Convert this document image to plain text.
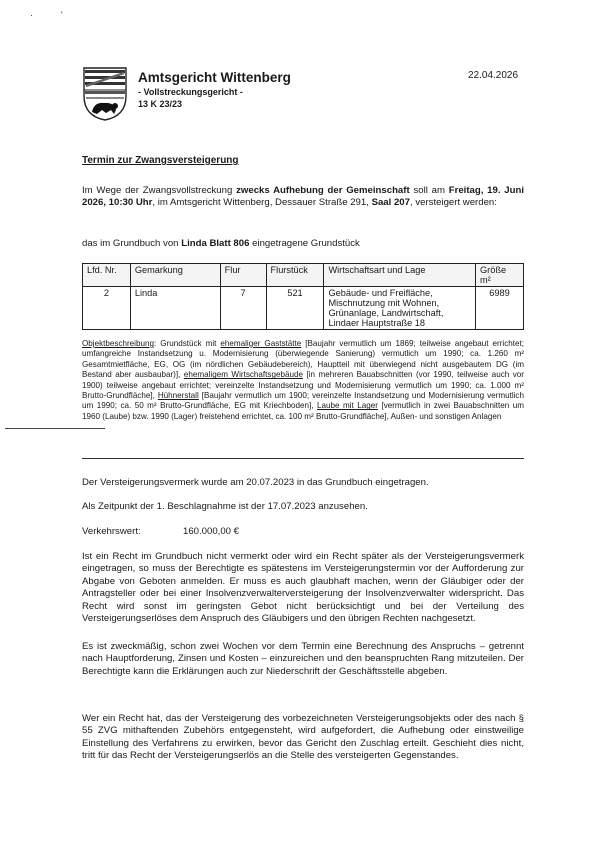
·'
Amtsgericht Wittenberg
- Vollstreckungsgericht -
13 K 23/23
22.04.2026
Termin zur Zwangsversteigerung
Im Wege der Zwangsvollstreckung zwecks Aufhebung der Gemeinschaft soll am Freitag, 19. Juni 2026, 10:30 Uhr, im Amtsgericht Wittenberg, Dessauer Straße 291, Saal 207, versteigert werden:
das im Grundbuch von Linda Blatt 806 eingetragene Grundstück
Lfd. Nr.	Gemarkung	Flur	Flurstück	Wirtschaftsart und Lage	Größe m²
2	Linda	7	521	Gebäude- und Freifläche, Mischnutzung mit Wohnen, Grünanlage, Landwirtschaft, Lindaer Hauptstraße 18	6989
Objektbeschreibung: Grundstück mit ehemaliger Gaststätte [Baujahr vermutlich um 1869; teilweise angebaut errichtet; umfangreiche Instandsetzung u. Modernisierung (überwiegende Sanierung) vermutlich um 1990; ca. 1.260 m² Gesamtmietfläche, EG, OG (im nördlichen Gebäudebereich), Hauptteil mit überwiegend nicht ausgebautem DG (im Bestand aber ausbaubar)], ehemaligem Wirtschaftsgebäude [in mehreren Bauabschnitten (vor 1990, teilweise auch vor 1900) teilweise angebaut errichtet; vereinzelte Instandsetzung und Modernisierung vermutlich um 1990; ca. 1.000 m² Brutto-Grundfläche], Hühnerstall [Baujahr vermutlich um 1900; vereinzelte Instandsetzung und Modernisierung vermutlich um 1990; ca. 50 m² Brutto-Grundfläche, EG mit Kriechboden], Laube mit Lager [vermutlich in zwei Bauabschnitten um 1960 (Laube) bzw. 1990 (Lager) freistehend errichtet, ca. 100 m² Brutto-Grundfläche], Außen- und sonstigen Anlagen
Der Versteigerungsvermerk wurde am 20.07.2023 in das Grundbuch eingetragen.
Als Zeitpunkt der 1. Beschlagnahme ist der 17.07.2023 anzusehen.
Verkehrswert:	160.000,00 €
Ist ein Recht im Grundbuch nicht vermerkt oder wird ein Recht später als der Versteigerungsvermerk eingetragen, so muss der Berechtigte es spätestens im Versteigerungstermin vor der Aufforderung zur Abgabe von Geboten anmelden. Er muss es auch glaubhaft machen, wenn der Gläubiger oder der Antragsteller oder bei einer Insolvenzverwalterversteigerung der Insolvenzverwalter widerspricht. Das Recht wird sonst im geringsten Gebot nicht berücksichtigt und bei der Verteilung des Versteigerungserlöses dem Anspruch des Gläubigers und den übrigen Rechten nachgesetzt.
Es ist zweckmäßig, schon zwei Wochen vor dem Termin eine Berechnung des Anspruchs – getrennt nach Hauptforderung, Zinsen und Kosten – einzureichen und den beanspruchten Rang mitzuteilen. Der Berechtigte kann die Erklärungen auch zur Niederschrift der Geschäftsstelle abgeben.
Wer ein Recht hat, das der Versteigerung des vorbezeichneten Versteigerungsobjekts oder des nach § 55 ZVG mithaftenden Zubehörs entgegensteht, wird aufgefordert, die Aufhebung oder einstweilige Einstellung des Verfahrens zu erwirken, bevor das Gericht den Zuschlag erteilt. Geschieht dies nicht, tritt für das Recht der Versteigerungserlös an die Stelle des versteigerten Gegenstandes.
